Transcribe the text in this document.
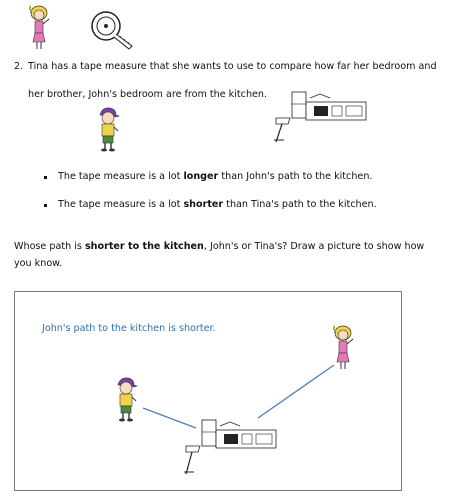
2. Tina has a tape measure that she wants to use to compare how far her bedroom and
her brother, John's bedroom are from the kitchen.
The tape measure is a lot longer than John's path to the kitchen.
The tape measure is a lot shorter than Tina's path to the kitchen.
Whose path is shorter to the kitchen, John's or Tina's? Draw a picture to show how
you know.
John's path to the kitchen is shorter.
